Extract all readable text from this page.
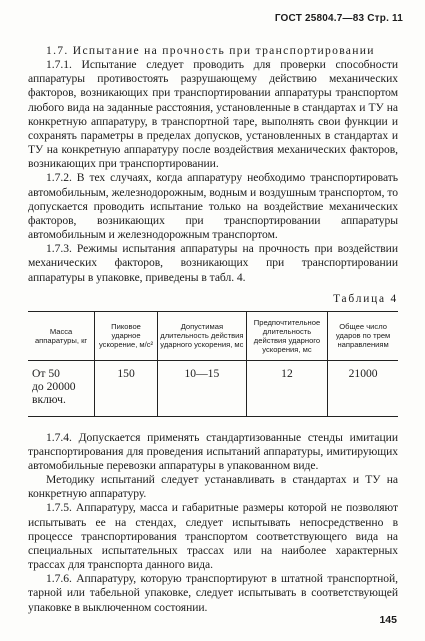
ГОСТ 25804.7—83 Стр. 11

1.7. Испытание на прочность при транспортировании

1.7.1. Испытание следует проводить для проверки способности аппаратуры противостоять разрушающему действию механических факторов, возникающих при транспортировании аппаратуры транспортом любого вида на заданные расстояния, установленные в стандартах и ТУ на конкретную аппаратуру, в транспортной таре, выполнять свои функции и сохранять параметры в пределах допусков, установленных в стандартах и ТУ на конкретную аппаратуру после воздействия механических факторов, возникающих при транспортировании.

1.7.2. В тех случаях, когда аппаратуру необходимо транспортировать автомобильным, железнодорожным, водным и воздушным транспортом, то допускается проводить испытание только на воздействие механических факторов, возникающих при транспортировании аппаратуры автомобильным и железнодорожным транспортом.

1.7.3. Режимы испытания аппаратуры на прочность при воздействии механических факторов, возникающих при транспортировании аппаратуры в упаковке, приведены в табл. 4.

Таблица 4
Масса аппаратуры, кг	Пиковое ударное ускорение, м/с²	Допустимая длительность действия ударного ускорения, мс	Предпочтительное длительность действия ударного ускорения, мс	Общее число ударов по трем направлениям
От 50
до 20000
включ.	150	10—15	12	21000

1.7.4. Допускается применять стандартизованные стенды имитации транспортирования для проведения испытаний аппаратуры, имитирующих автомобильные перевозки аппаратуры в упакованном виде.

Методику испытаний следует устанавливать в стандартах и ТУ на конкретную аппаратуру.

1.7.5. Аппаратуру, масса и габаритные размеры которой не позволяют испытывать ее на стендах, следует испытывать непосредственно в процессе транспортирования транспортом соответствующего вида на специальных испытательных трассах или на наиболее характерных трассах для транспорта данного вида.

1.7.6. Аппаратуру, которую транспортируют в штатной транспортной, тарной или табельной упаковке, следует испытывать в соответствующей упаковке в выключенном состоянии.

145
